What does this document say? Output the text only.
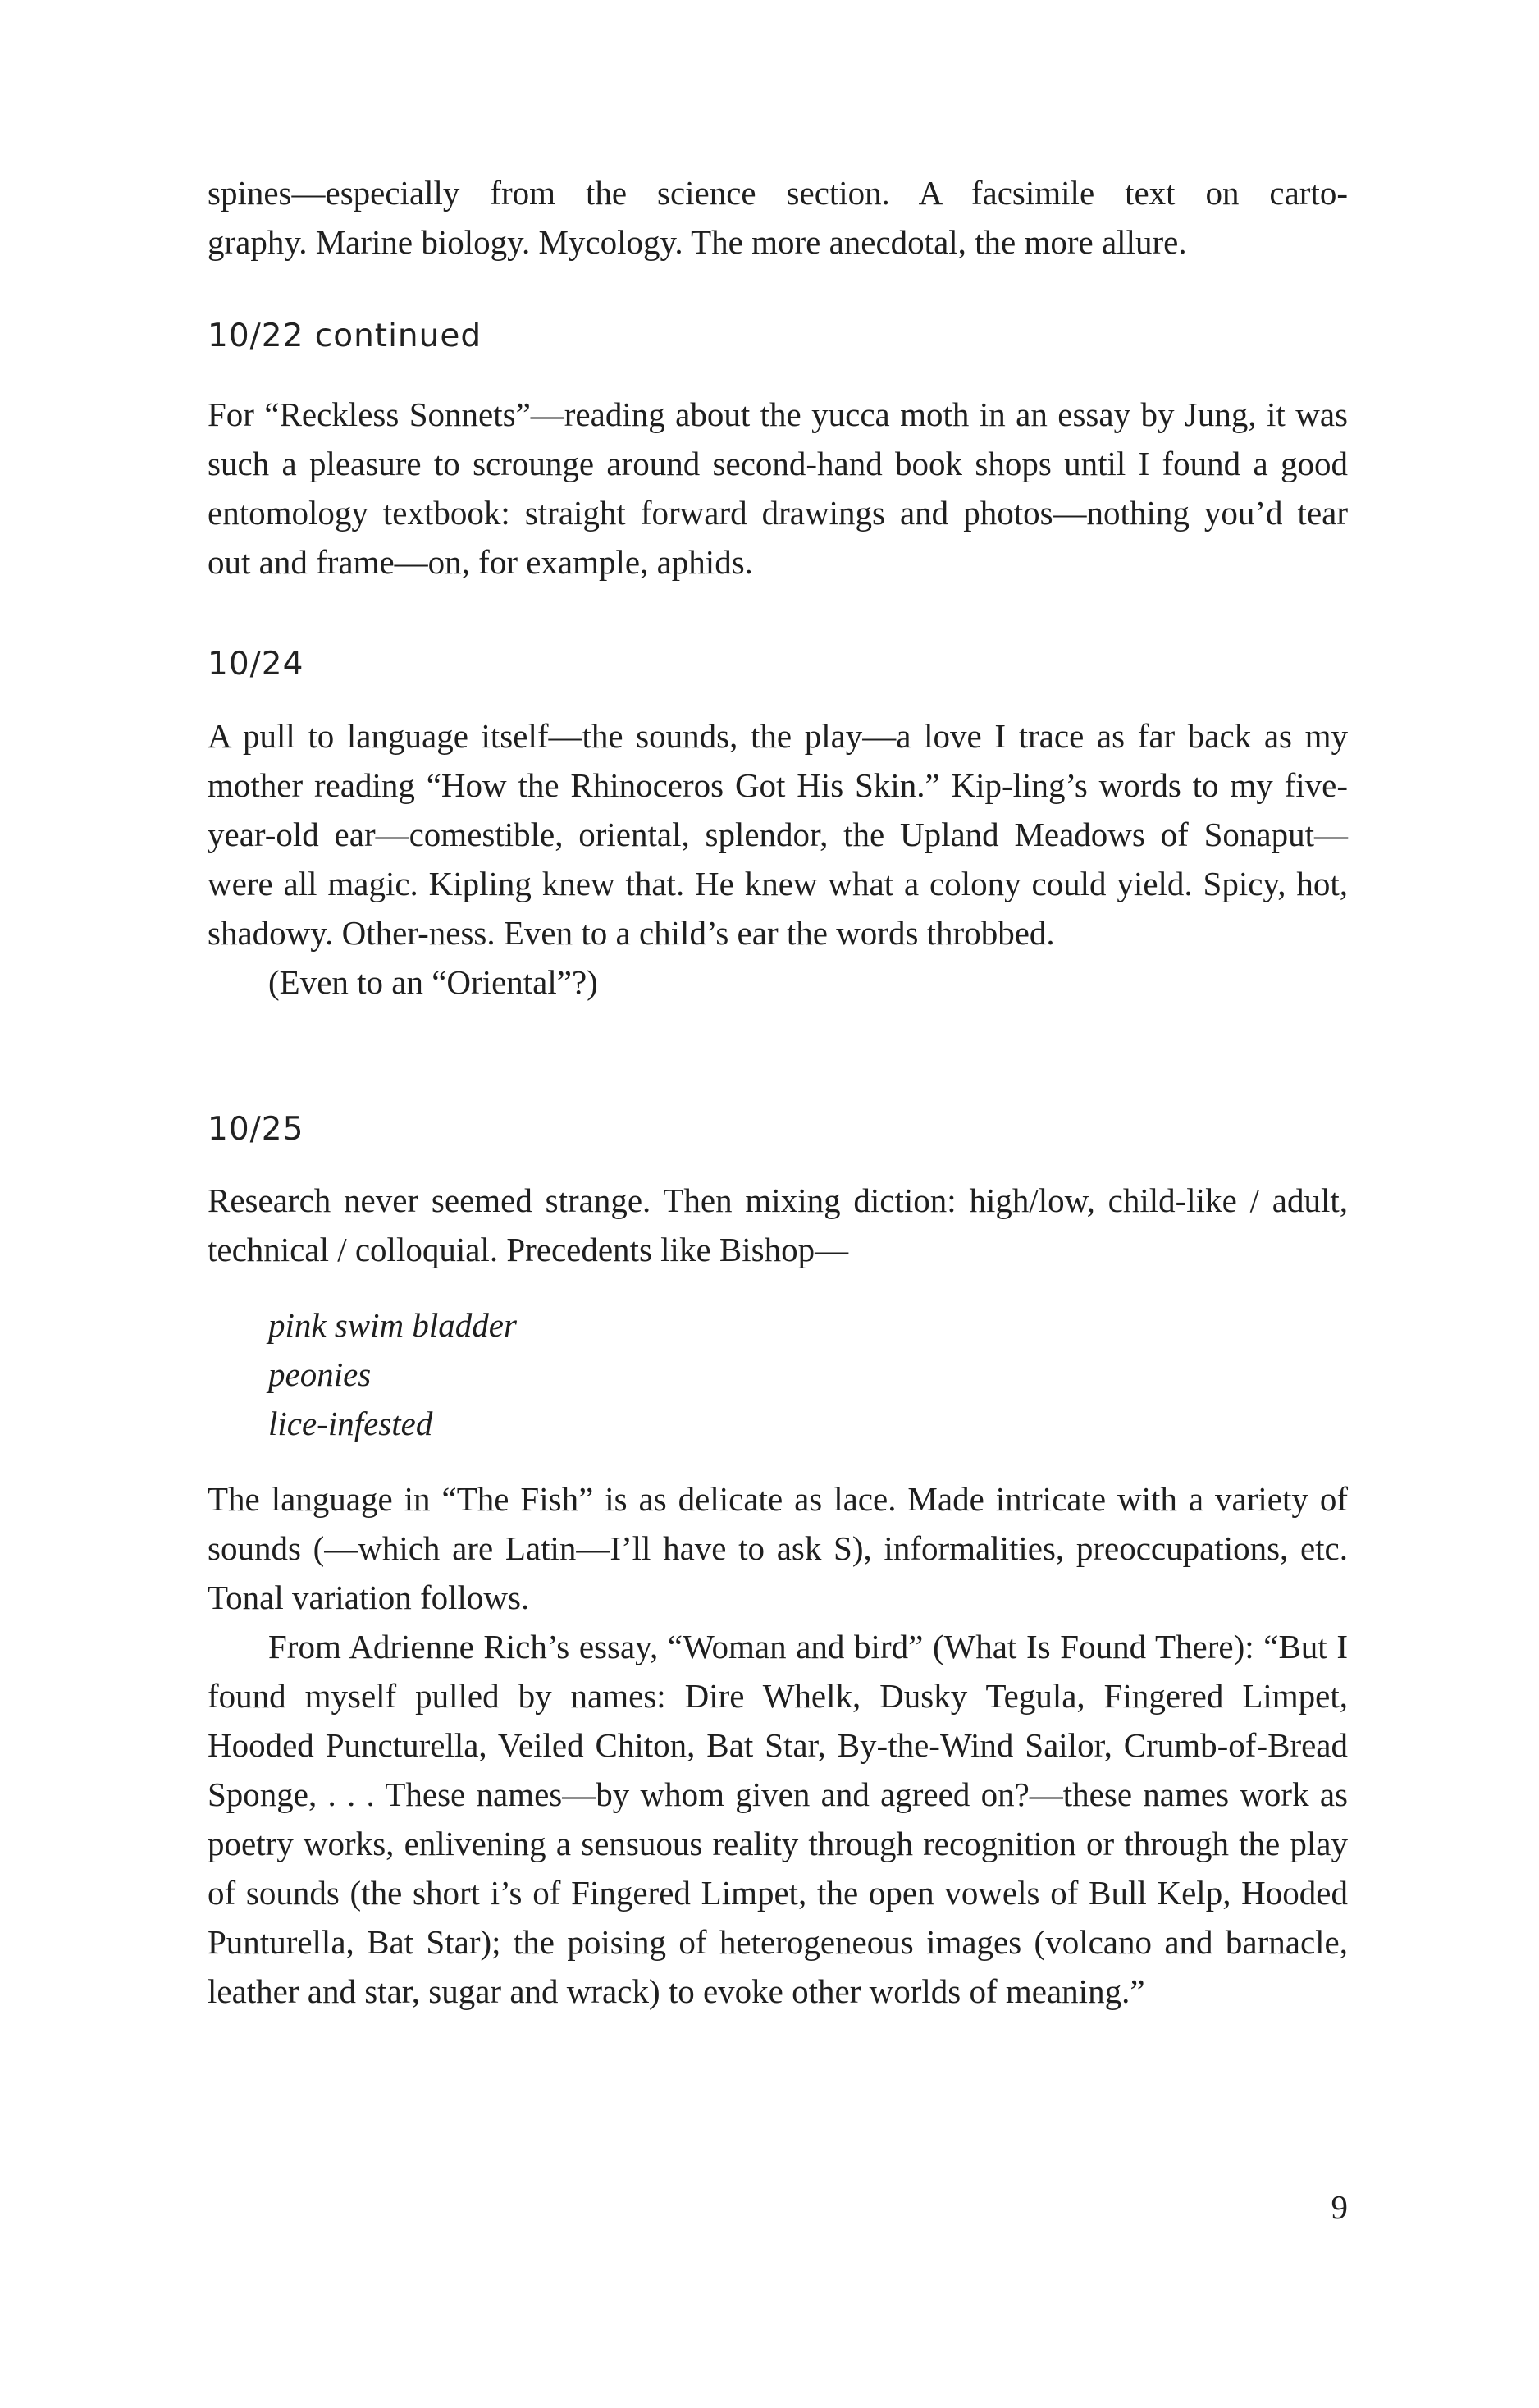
spines—especially from the science section. A facsimile text on carto-
graphy. Marine biology. Mycology. The more anecdotal, the more allure.
10/22 continued

For “Reckless Sonnets”—reading about the yucca moth in an essay by Jung, it was such a pleasure to scrounge around second-hand book shops until I found a good entomology textbook: straight forward drawings and photos—nothing you’d tear out and frame—on, for example, aphids.

10/24

A pull to language itself—the sounds, the play—a love I trace as far back as my mother reading “How the Rhinoceros Got His Skin.” Kip-ling’s words to my five-year-old ear—comestible, oriental, splendor, the Upland Meadows of Sonaput—were all magic. Kipling knew that. He knew what a colony could yield. Spicy, hot, shadowy. Other-ness. Even to a child’s ear the words throbbed.

(Even to an “Oriental”?)

10/25

Research never seemed strange. Then mixing diction: high/low, child-like / adult, technical / colloquial. Precedents like Bishop—

pink swim bladder
peonies
lice-infested

The language in “The Fish” is as delicate as lace. Made intricate with a variety of sounds (—which are Latin—I’ll have to ask S), informalities, preoccupations, etc. Tonal variation follows.

From Adrienne Rich’s essay, “Woman and bird” (What Is Found There): “But I found myself pulled by names: Dire Whelk, Dusky Tegula, Fingered Limpet, Hooded Puncturella, Veiled Chiton, Bat Star, By-the-Wind Sailor, Crumb-of-Bread Sponge, . . . These names—by whom given and agreed on?—these names work as poetry works, enlivening a sensuous reality through recognition or through the play of sounds (the short i’s of Fingered Limpet, the open vowels of Bull Kelp, Hooded Punturella, Bat Star); the poising of heterogeneous images (volcano and barnacle, leather and star, sugar and wrack) to evoke other worlds of meaning.”

9
